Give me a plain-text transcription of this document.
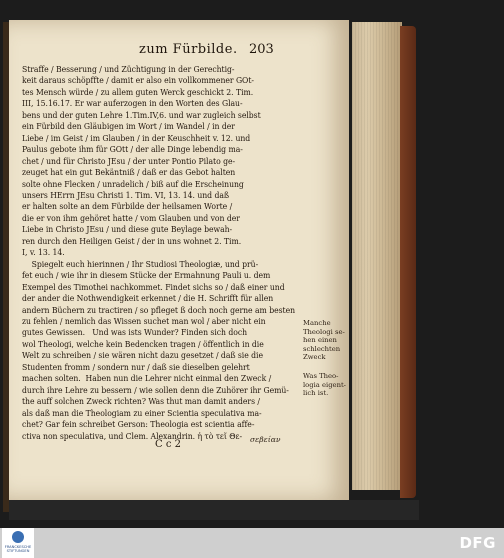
zum Fürbilde. 203
Straffe / Besserung / und Züchtigung in der Gerechtig-
keit daraus schöpffte / damit er also ein vollkommener GOt-
tes Mensch würde / zu allem guten Werck geschickt 2. Tim.
III, 15.16.17. Er war auferzogen in den Worten des Glau-
bens und der guten Lehre 1.Tim.IV,6. und war zugleich selbst
ein Fürbild den Gläubigen im Wort / im Wandel / in der
Liebe / im Geist / im Glauben / in der Keuschheit v. 12. und
Paulus gebote ihm für GOtt / der alle Dinge lebendig ma-
chet / und für Christo JEsu / der unter Pontio Pilato ge-
zeuget hat ein gut Bekäntniß / daß er das Gebot halten
solte ohne Flecken / unradelich / biß auf die Erscheinung
unsers HErrn JEsu Christi 1. Tim. VI, 13. 14. und daß
er halten solte an dem Fürbilde der heilsamen Worte /
die er von ihm gehöret hatte / vom Glauben und von der
Liebe in Christo JEsu / und diese gute Beylage bewah-
ren durch den Heiligen Geist / der in uns wohnet 2. Tim.
I, v. 13. 14.
Spiegelt euch hierinnen / Ihr Studiosi Theologiæ, und prü-
fet euch / wie ihr in diesem Stücke der Ermahnung Pauli u. dem
Exempel des Timothei nachkommet. Findet sichs so / daß einer und
der ander die Nothwendigkeit erkennet / die H. Schrifft für allen
andern Büchern zu tractiren / so pfleget ß doch noch gerne am besten
zu fehlen / nemlich das Wissen suchet man wol / aber nicht ein
gutes Gewissen.   Und was ists Wunder? Finden sich doch
wol Theologi, welche kein Bedencken tragen / öffentlich in die
Welt zu schreiben / sie wären nicht dazu gesetzet / daß sie die
Studenten fromm / sondern nur / daß sie dieselben gelehrt
machen solten.  Haben nun die Lehrer nicht einmal den Zweck /
durch ihre Lehre zu bessern / wie sollen denn die Zuhörer ihr Gemü-
the auff solchen Zweck richten? Was thut man damit anders /
als daß man die Theologiam zu einer Scientia speculativa ma-
chet? Gar fein schreibet Gerson: Theologia est scientia affe-
ctiva non speculativa, und Clem. Alexandrin. ἡ τὸ τεῖ Θε-

Manche
Theologi se-
hen einen
schlechten
Zweck

Was Theo-
logia eigent-
lich ist.

C c 2	σεβείαν
FRANCKESCHE
STIFTUNGEN	DFG
